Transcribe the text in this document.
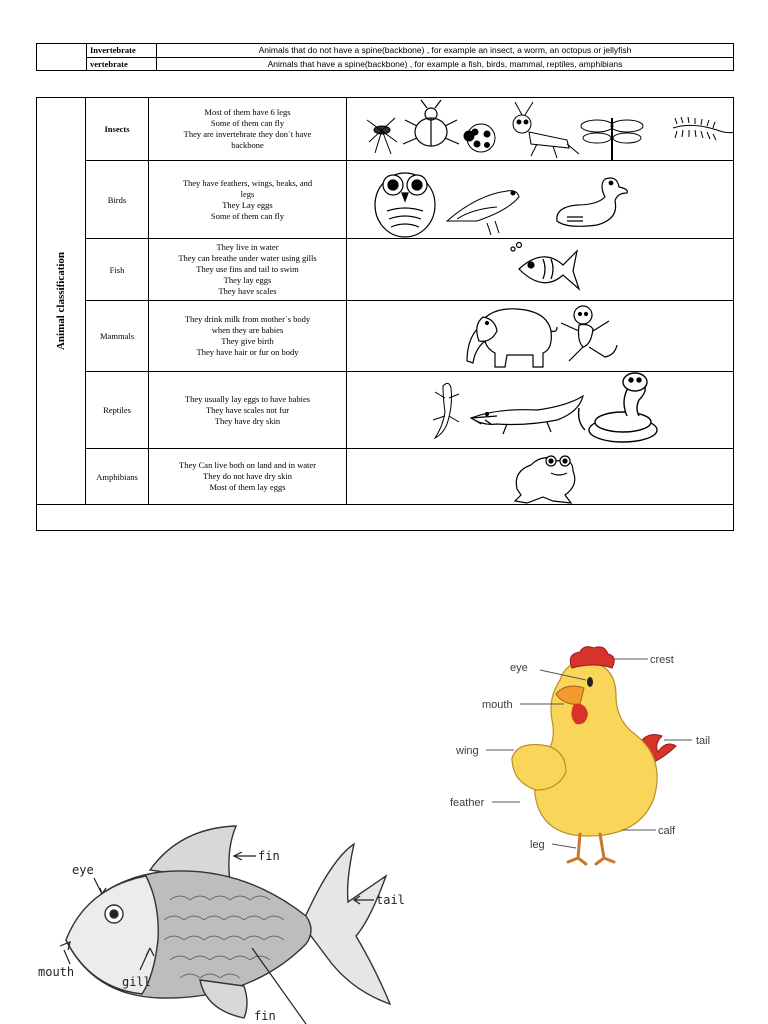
	Invertebrate	Animals that do not have a spine(backbone) , for example an insect, a worm, an octopus or jellyfish
	vertebrate	Animals that have a spine(backbone) , for example a fish, birds, mammal, reptiles, amphibians
Animal classification	Insects	Most of them have 6 legs
Some of them can fly
They are invertebrate they don`t have
backbone

	Birds	They have feathers, wings, beaks, and
legs
They Lay eggs
Some of them can fly

	Fish	They live in water
They can breathe under water using gills
They use fins and tail to swim
They lay eggs
They have scales

	Mammals	They drink milk from mother`s body
when they are babies
They give birth
They have hair or fur on body

	Reptiles	They usually lay eggs to have babies
They have scales not fur
They have dry skin

	Amphibians	They Can live both on land and in water
They do not have dry skin
Most of them lay eggs

eye
crest
mouth
tail
wing
feather
calf
leg
eye
fin
tail
mouth
gill
fin
